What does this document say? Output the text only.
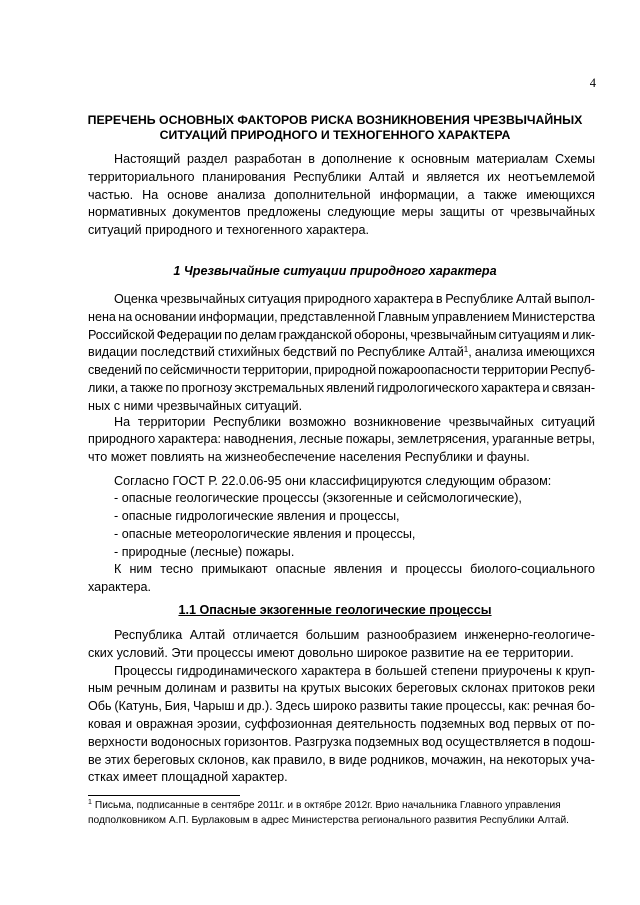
4
ПЕРЕЧЕНЬ ОСНОВНЫХ ФАКТОРОВ РИСКА ВОЗНИКНОВЕНИЯ ЧРЕЗВЫЧАЙНЫХ
СИТУАЦИЙ ПРИРОДНОГО И ТЕХНОГЕННОГО ХАРАКТЕРА
Настоящий раздел разработан в дополнение к основным материалам Схемы
территориального планирования Республики Алтай и является их неотъемлемой
частью. На основе анализа дополнительной информации, а также имеющихся
нормативных документов предложены следующие меры защиты от чрезвычайных
ситуаций природного и техногенного характера.
1 Чрезвычайные ситуации природного характера
Оценка чрезвычайных ситуация природного характера в Республике Алтай выпол-
нена на основании информации, представленной Главным управлением Министерства
Российской Федерации по делам гражданской обороны, чрезвычайным ситуациям и лик-
видации последствий стихийных бедствий по Республике Алтай$^1$, анализа имеющихся
сведений по сейсмичности территории, природной пожароопасности территории Респуб-
лики, а также по прогнозу экстремальных явлений гидрологического характера и связан-
ных с ними чрезвычайных ситуаций.
На территории Республики возможно возникновение чрезвычайных ситуаций
природного характера: наводнения, лесные пожары, землетрясения, ураганные ветры,
что может повлиять на жизнеобеспечение населения Республики и фауны.
Согласно ГОСТ Р. 22.0.06-95 они классифицируются следующим образом:
- опасные геологические процессы (экзогенные и сейсмологические),
- опасные гидрологические явления и процессы,
- опасные метеорологические явления и процессы,
- природные (лесные) пожары.
К ним тесно примыкают опасные явления и процессы биолого-социального
характера.
1.1 Опасные экзогенные геологические процессы
Республика Алтай отличается большим разнообразием инженерно-геологиче-
ских условий. Эти процессы имеют довольно широкое развитие на ее территории.
Процессы гидродинамического характера в большей степени приурочены к круп-
ным речным долинам и развиты на крутых высоких береговых склонах притоков реки
Обь (Катунь, Бия, Чарыш и др.). Здесь широко развиты такие процессы, как: речная бо-
ковая и овражная эрозии, суффозионная деятельность подземных вод первых от по-
верхности водоносных горизонтов. Разгрузка подземных вод осуществляется в подош-
ве этих береговых склонов, как правило, в виде родников, мочажин, на некоторых уча-
стках имеет площадной характер.
$^1$ Письма, подписанные в сентябре 2011г. и в октябре 2012г. Врио начальника Главного управления
подполковником А.П. Бурлаковым в адрес Министерства регионального развития Республики Алтай.
